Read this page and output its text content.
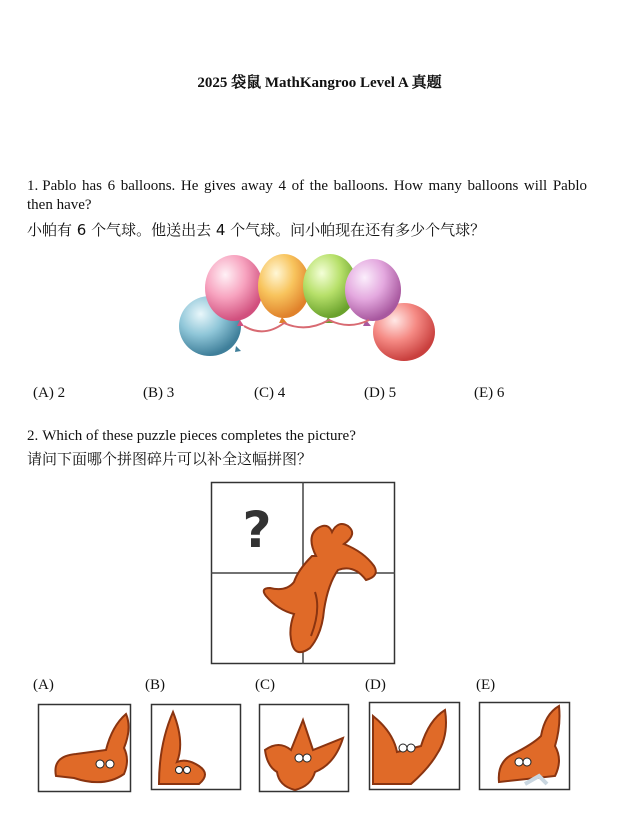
2025 袋鼠 MathKangroo Level A 真题
1. Pablo has 6 balloons. He gives away 4 of the balloons. How many balloons will Pablo then have?
小帕有 6 个气球。他送出去 4 个气球。问小帕现在还有多少个气球？
(A) 2	(B) 3	(C) 4	(D) 5	(E) 6
2. Which of these puzzle pieces completes the picture?
请问下面哪个拼图碎片可以补全这幅拼图？
?
(A)	(B)	(C)	(D)	(E)
